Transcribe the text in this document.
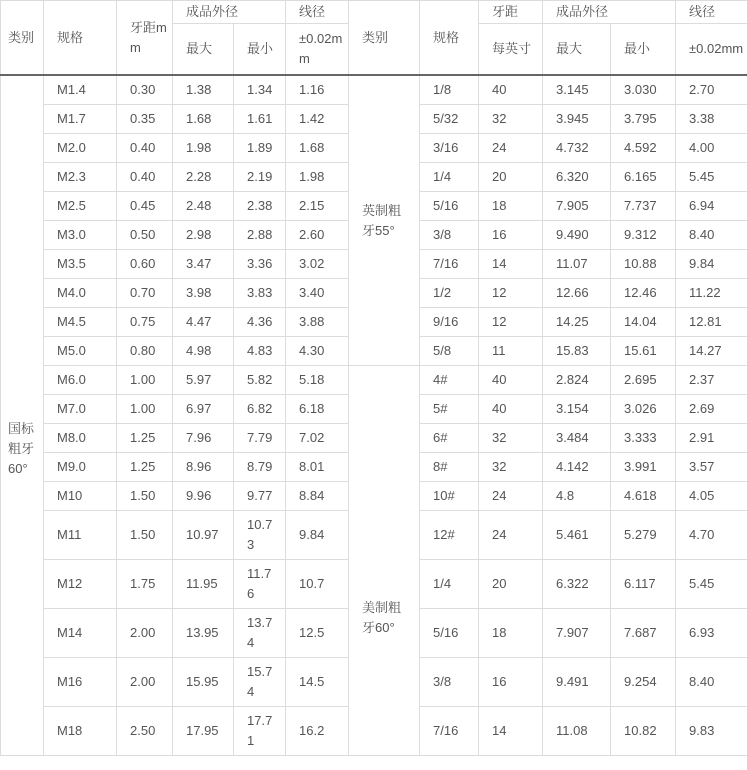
类别	规格	牙距mm	成品外径		线径	类别	规格	牙距	成品外径		线径
			最大	最小	±0.02mm			每英寸	最大	最小	±0.02mm
国标粗牙60°	M1.4	0.30	1.38	1.34	1.16	英制粗牙55°	1/8	40	3.145	3.030	2.70
	M1.7	0.35	1.68	1.61	1.42		5/32	32	3.945	3.795	3.38
	M2.0	0.40	1.98	1.89	1.68		3/16	24	4.732	4.592	4.00
	M2.3	0.40	2.28	2.19	1.98		1/4	20	6.320	6.165	5.45
	M2.5	0.45	2.48	2.38	2.15		5/16	18	7.905	7.737	6.94
	M3.0	0.50	2.98	2.88	2.60		3/8	16	9.490	9.312	8.40
	M3.5	0.60	3.47	3.36	3.02		7/16	14	11.07	10.88	9.84
	M4.0	0.70	3.98	3.83	3.40		1/2	12	12.66	12.46	11.22
	M4.5	0.75	4.47	4.36	3.88		9/16	12	14.25	14.04	12.81
	M5.0	0.80	4.98	4.83	4.30		5/8	11	15.83	15.61	14.27
	M6.0	1.00	5.97	5.82	5.18	美制粗牙60°	4#	40	2.824	2.695	2.37
	M7.0	1.00	6.97	6.82	6.18		5#	40	3.154	3.026	2.69
	M8.0	1.25	7.96	7.79	7.02		6#	32	3.484	3.333	2.91
	M9.0	1.25	8.96	8.79	8.01		8#	32	4.142	3.991	3.57
	M10	1.50	9.96	9.77	8.84		10#	24	4.8	4.618	4.05
	M11	1.50	10.97	10.73	9.84		12#	24	5.461	5.279	4.70
	M12	1.75	11.95	11.76	10.7		1/4	20	6.322	6.117	5.45
	M14	2.00	13.95	13.74	12.5		5/16	18	7.907	7.687	6.93
	M16	2.00	15.95	15.74	14.5		3/8	16	9.491	9.254	8.40
	M18	2.50	17.95	17.71	16.2		7/16	14	11.08	10.82	9.83
